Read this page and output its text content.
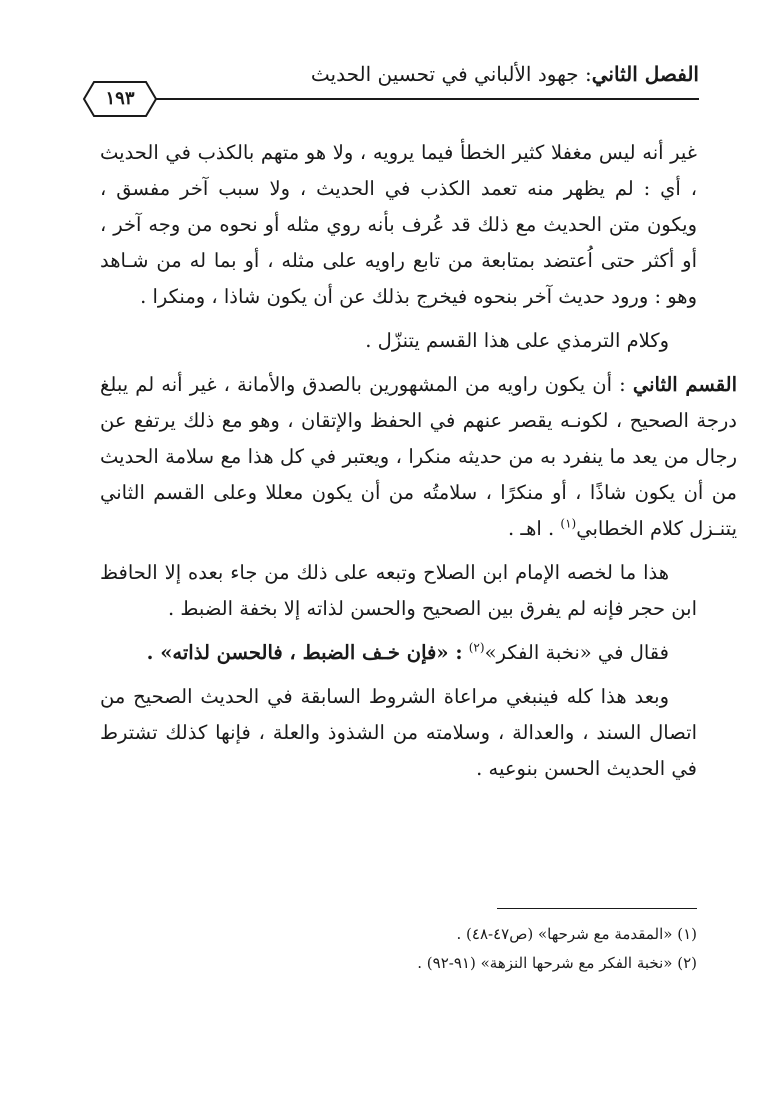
الفصل الثاني: جهود الألباني في تحسين الحديث
١٩٣

غير أنه ليس مغفلا كثير الخطأ فيما يرويه ، ولا هو متهم بالكذب في الحديث ، أي : لم يظهر منه تعمد الكذب في الحديث ، ولا سبب آخر مفسق ، ويكون متن الحديث مع ذلك قد عُرف بأنه روي مثله أو نحوه من وجه آخر ، أو أكثر حتى اُعتضد بمتابعة من تابع راويه على مثله ، أو بما له من شـاهد وهو : ورود حديث آخر بنحوه فيخرج بذلك عن أن يكون شاذا ، ومنكرا .

وكلام الترمذي على هذا القسم يتنزّل .

القسم الثاني : أن يكون راويه من المشهورين بالصدق والأمانة ، غير أنه لم يبلغ درجة الصحيح ، لكونـه يقصر عنهم في الحفظ والإتقان ، وهو مع ذلك يرتفع عن رجال من يعد ما ينفرد به من حديثه منكرا ، ويعتبر في كل هذا مع سلامة الحديث من أن يكون شاذًا ، أو منكرًا ، سلامتُه من أن يكون معللا وعلى القسم الثاني يتنـزل كلام الخطابي$^{(١)}$ . اهـ .

هذا ما لخصه الإمام ابن الصلاح وتبعه على ذلك من جاء بعده إلا الحافظ ابن حجر فإنه لم يفرق بين الصحيح والحسن لذاته إلا بخفة الضبط .

فقال في «نخبة الفكر»$^{(٢)}$ : «فإن خـف الضبط ، فالحسن لذاته» .

وبعد هذا كله فينبغي مراعاة الشروط السابقة في الحديث الصحيح من اتصال السند ، والعدالة ، وسلامته من الشذوذ والعلة ، فإنها كذلك تشترط في الحديث الحسن بنوعيه .

(١) «المقدمة مع شرحها» (ص٤٧-٤٨) .

(٢) «نخبة الفكر مع شرحها النزهة» (٩١-٩٢) .
